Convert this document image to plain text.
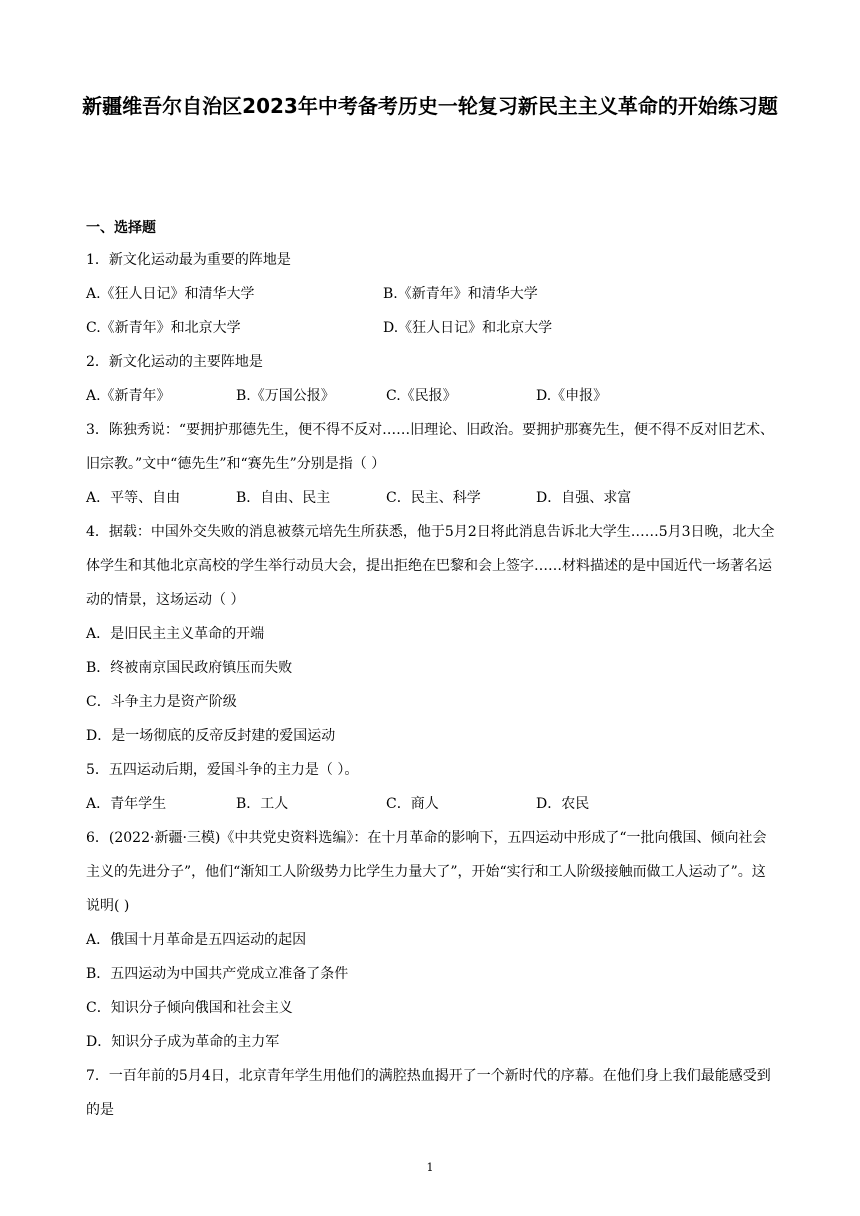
新疆维吾尔自治区2023年中考备考历史一轮复习新民主主义革命的开始练习题
一、选择题

1．新文化运动最为重要的阵地是

A.《狂人日记》和清华大学	B.《新青年》和清华大学
C.《新青年》和北京大学	D.《狂人日记》和北京大学

2．新文化运动的主要阵地是

A.《新青年》	B.《万国公报》	C.《民报》	D.《申报》

3．陈独秀说：“要拥护那德先生，便不得不反对……旧理论、旧政治。要拥护那赛先生，便不得不反对旧艺术、旧宗教。”文中“德先生”和“赛先生”分别是指（ ）

A．平等、自由	B．自由、民主	C．民主、科学	D．自强、求富

4．据载：中国外交失败的消息被蔡元培先生所获悉，他于5月2日将此消息告诉北大学生……5月3日晚，北大全体学生和其他北京高校的学生举行动员大会，提出拒绝在巴黎和会上签字……材料描述的是中国近代一场著名运动的情景，这场运动（ ）

A．是旧民主主义革命的开端

B．终被南京国民政府镇压而失败

C．斗争主力是资产阶级

D．是一场彻底的反帝反封建的爱国运动

5．五四运动后期，爱国斗争的主力是（ ）。

A．青年学生	B．工人	C．商人	D．农民

6．(2022·新疆·三模)《中共党史资料选编》：在十月革命的影响下，五四运动中形成了“一批向俄国、倾向社会主义的先进分子”，他们“渐知工人阶级势力比学生力量大了”，开始“实行和工人阶级接触而做工人运动了”。这说明( )

A．俄国十月革命是五四运动的起因

B．五四运动为中国共产党成立准备了条件

C．知识分子倾向俄国和社会主义

D．知识分子成为革命的主力军

7．一百年前的5月4日，北京青年学生用他们的满腔热血揭开了一个新时代的序幕。在他们身上我们最能感受到的是

1
